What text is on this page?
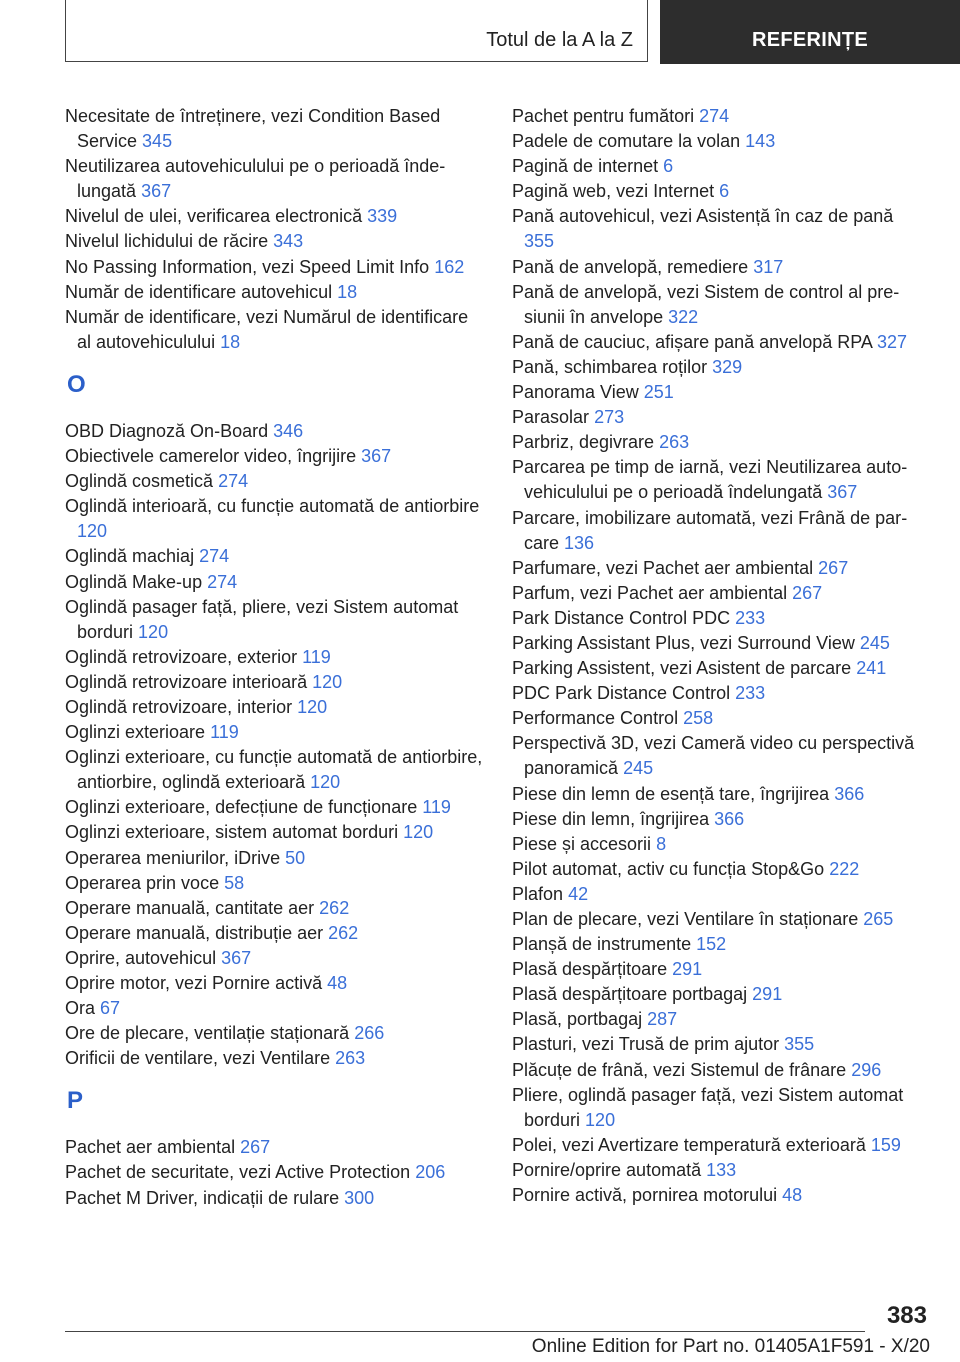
Totul de la A la Z	REFERINȚE
Necesitate de întreținere, vezi Condition Based Service 345
Neutilizarea autovehiculului pe o perioadă îndelungată 367
Nivelul de ulei, verificarea electronică 339
Nivelul lichidului de răcire 343
No Passing Information, vezi Speed Limit Info 162
Număr de identificare autovehicul 18
Număr de identificare, vezi Numărul de identificare al autovehiculului 18
O
OBD Diagnoză On-Board 346
Obiectivele camerelor video, îngrijire 367
Oglindă cosmetică 274
Oglindă interioară, cu funcție automată de antiorbire 120
Oglindă machiaj 274
Oglindă Make-up 274
Oglindă pasager față, pliere, vezi Sistem automat borduri 120
Oglindă retrovizoare, exterior 119
Oglindă retrovizoare interioară 120
Oglindă retrovizoare, interior 120
Oglinzi exterioare 119
Oglinzi exterioare, cu funcție automată de antiorbire, antiorbire, oglindă exterioară 120
Oglinzi exterioare, defecțiune de funcționare 119
Oglinzi exterioare, sistem automat borduri 120
Operarea meniurilor, iDrive 50
Operarea prin voce 58
Operare manuală, cantitate aer 262
Operare manuală, distribuție aer 262
Oprire, autovehicul 367
Oprire motor, vezi Pornire activă 48
Ora 67
Ore de plecare, ventilație staționară 266
Orificii de ventilare, vezi Ventilare 263
P
Pachet aer ambiental 267
Pachet de securitate, vezi Active Protection 206
Pachet M Driver, indicații de rulare 300
Pachet pentru fumători 274
Padele de comutare la volan 143
Pagină de internet 6
Pagină web, vezi Internet 6
Pană autovehicul, vezi Asistență în caz de pană 355
Pană de anvelopă, remediere 317
Pană de anvelopă, vezi Sistem de control al presiunii în anvelope 322
Pană de cauciuc, afișare pană anvelopă RPA 327
Pană, schimbarea roților 329
Panorama View 251
Parasolar 273
Parbriz, degivrare 263
Parcarea pe timp de iarnă, vezi Neutilizarea autovehiculului pe o perioadă îndelungată 367
Parcare, imobilizare automată, vezi Frână de parcare 136
Parfumare, vezi Pachet aer ambiental 267
Parfum, vezi Pachet aer ambiental 267
Park Distance Control PDC 233
Parking Assistant Plus, vezi Surround View 245
Parking Assistent, vezi Asistent de parcare 241
PDC Park Distance Control 233
Performance Control 258
Perspectivă 3D, vezi Cameră video cu perspectivă panoramică 245
Piese din lemn de esență tare, îngrijirea 366
Piese din lemn, îngrijirea 366
Piese și accesorii 8
Pilot automat, activ cu funcția Stop&Go 222
Plafon 42
Plan de plecare, vezi Ventilare în staționare 265
Planșă de instrumente 152
Plasă despărțitoare 291
Plasă despărțitoare portbagaj 291
Plasă, portbagaj 287
Plasturi, vezi Trusă de prim ajutor 355
Plăcuțe de frână, vezi Sistemul de frânare 296
Pliere, oglindă pasager față, vezi Sistem automat borduri 120
Polei, vezi Avertizare temperatură exterioară 159
Pornire/oprire automată 133
Pornire activă, pornirea motorului 48
383
Online Edition for Part no. 01405A1F591 - X/20
